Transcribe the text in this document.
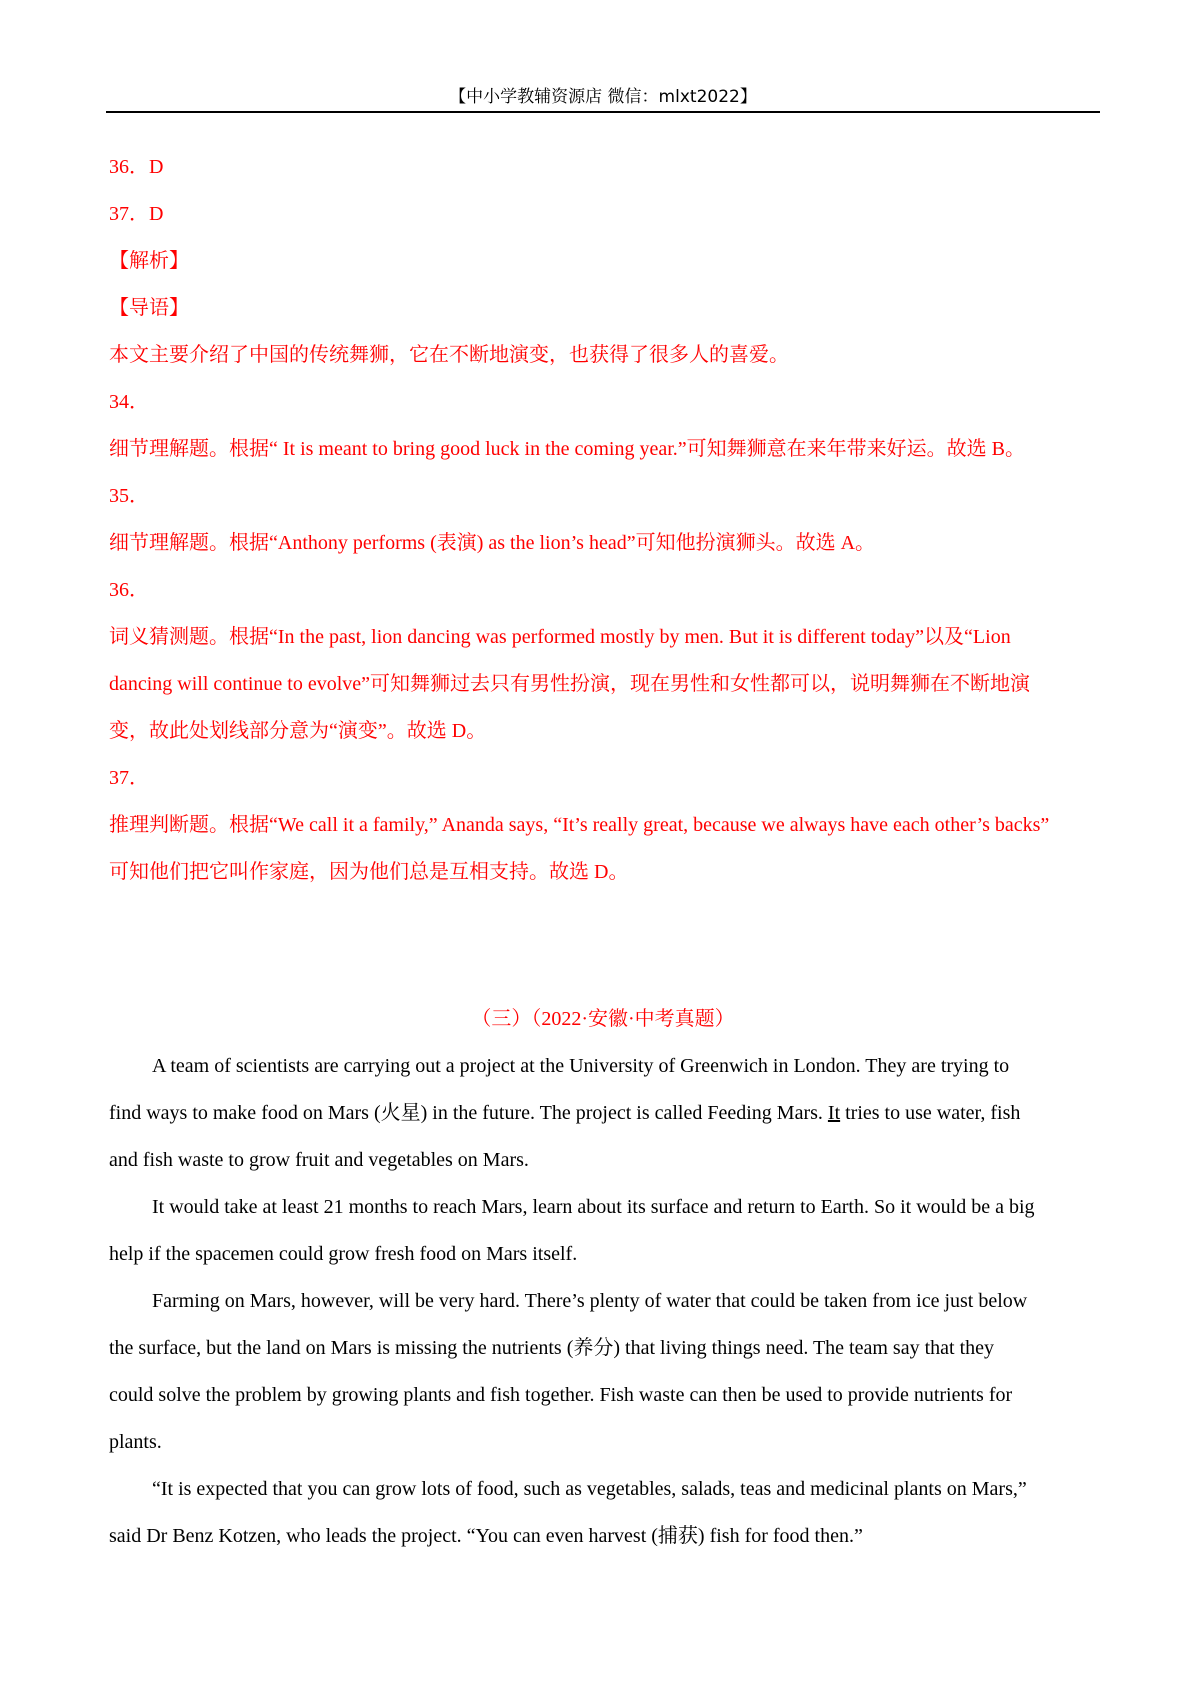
【中小学教辅资源店 微信：mlxt2022】
36．D
37．D
【解析】
【导语】
本文主要介绍了中国的传统舞狮，它在不断地演变，也获得了很多人的喜爱。
34．
细节理解题。根据“ It is meant to bring good luck in the coming year.”可知舞狮意在来年带来好运。故选 B。
35．
细节理解题。根据“Anthony performs (表演) as the lion’s head”可知他扮演狮头。故选 A。
36．
词义猜测题。根据“In the past, lion dancing was performed mostly by men. But it is different today”以及“Lion
dancing will continue to evolve”可知舞狮过去只有男性扮演，现在男性和女性都可以，说明舞狮在不断地演
变，故此处划线部分意为“演变”。故选 D。
37．
推理判断题。根据“We call it a family,” Ananda says, “It’s really great, because we always have each other’s backs”
可知他们把它叫作家庭，因为他们总是互相支持。故选 D。
（三）（2022·安徽·中考真题）
A team of scientists are carrying out a project at the University of Greenwich in London. They are trying to
find ways to make food on Mars (火星) in the future. The project is called Feeding Mars. It tries to use water, fish
and fish waste to grow fruit and vegetables on Mars.
It would take at least 21 months to reach Mars, learn about its surface and return to Earth. So it would be a big
help if the spacemen could grow fresh food on Mars itself.
Farming on Mars, however, will be very hard. There’s plenty of water that could be taken from ice just below
the surface, but the land on Mars is missing the nutrients (养分) that living things need. The team say that they
could solve the problem by growing plants and fish together. Fish waste can then be used to provide nutrients for
plants.
“It is expected that you can grow lots of food, such as vegetables, salads, teas and medicinal plants on Mars,”
said Dr Benz Kotzen, who leads the project. “You can even harvest (捕获) fish for food then.”
